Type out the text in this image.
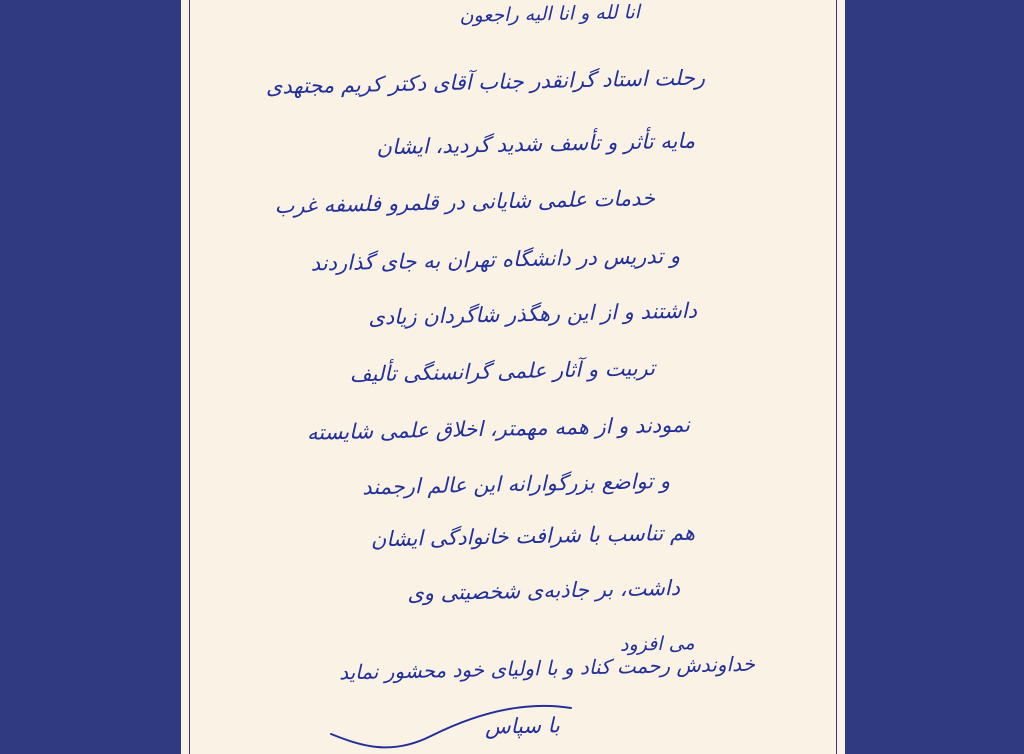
انا لله و انا الیه راجعون
رحلت استاد گرانقدر جناب آقای دکتر کریم مجتهدی
مایه تأثر و تأسف شدید گردید، ایشان
خدمات علمی شایانی در قلمرو فلسفه غرب
و تدریس در دانشگاه تهران به جای گذاردند
داشتند و از این رهگذر شاگردان زیادی
تربیت و آثار علمی گرانسنگی تألیف
نمودند و از همه مهمتر، اخلاق علمی شایسته
و تواضع بزرگوارانه این عالم ارجمند
هم تناسب با شرافت خانوادگی ایشان
داشت، بر جاذبه‌ی شخصیتی وی
می افزود
خداوندش رحمت کناد و با اولیای خود محشور نماید
با سپاس
